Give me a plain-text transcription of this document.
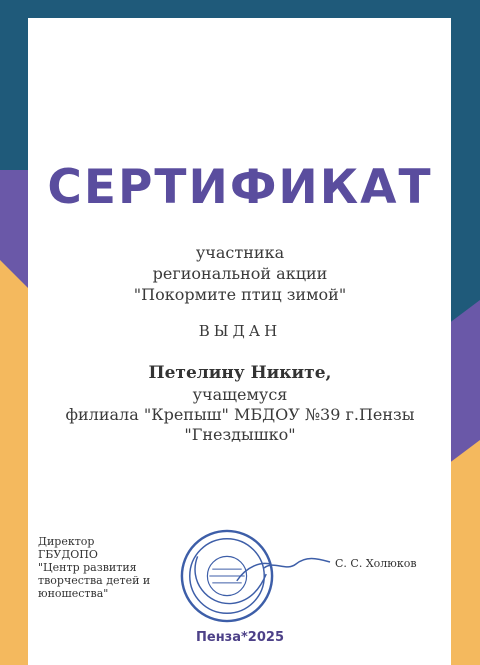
СЕРТИФИКАТ
участника
региональной акции
"Покормите птиц зимой"
ВЫДАН
Петелину Никите,
учащемуся
филиала "Крепыш" МБДОУ №39 г.Пензы
"Гнездышко"
Директор
ГБУДОПО
"Центр развития
творчества детей и
юношества"
С. С. Холюков
Пенза*2025
